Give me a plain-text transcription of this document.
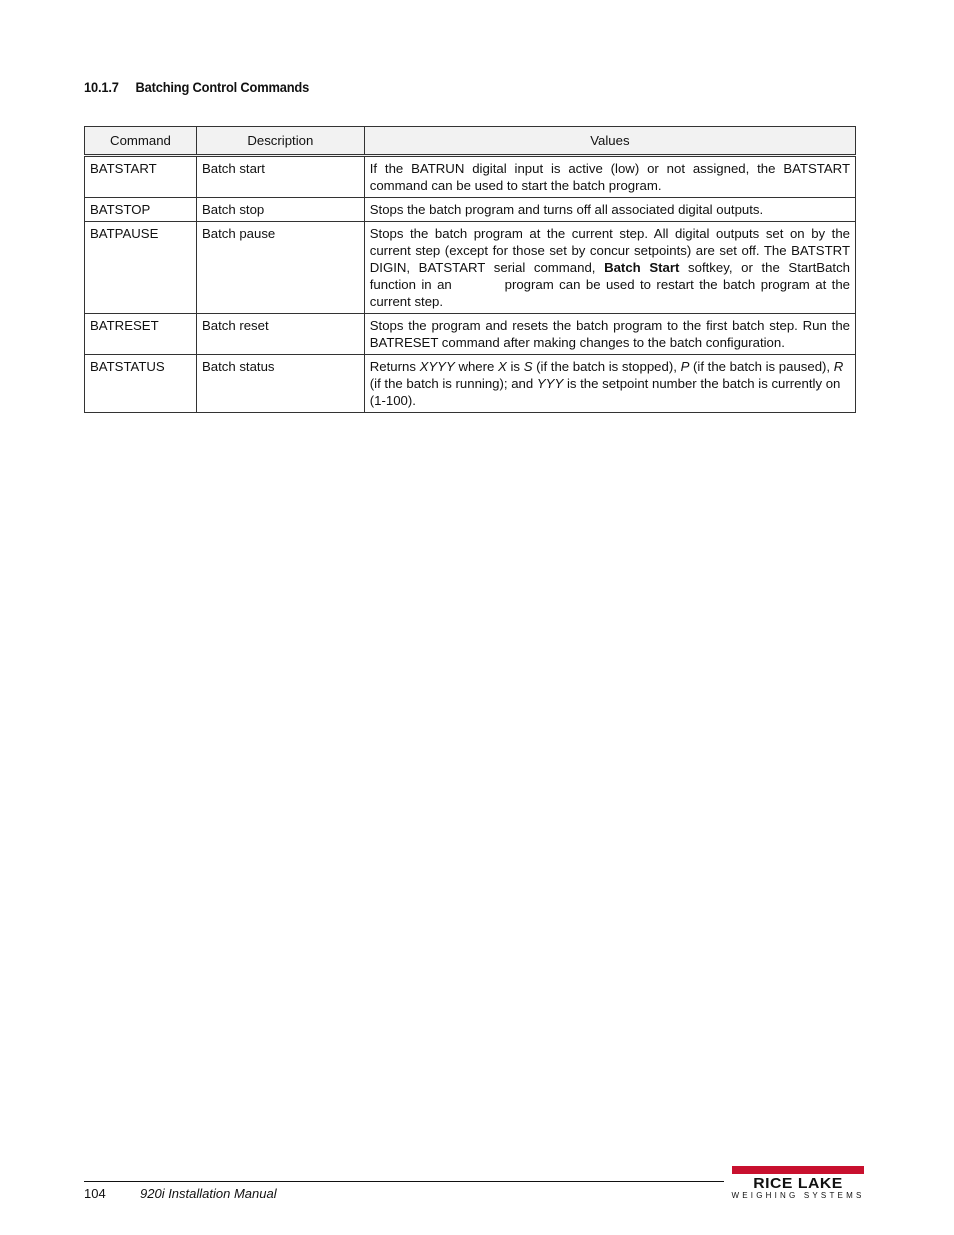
10.1.7 Batching Control Commands
Command	Description	Values
BATSTART	Batch start	If the BATRUN digital input is active (low) or not assigned, the BATSTART command can be used to start the batch program.
BATSTOP	Batch stop	Stops the batch program and turns off all associated digital outputs.
BATPAUSE	Batch pause	Stops the batch program at the current step. All digital outputs set on by the current step (except for those set by concur setpoints) are set off. The BATSTRT DIGIN, BATSTART serial command, Batch Start softkey, or the StartBatch function in an program can be used to restart the batch program at the current step.
BATRESET	Batch reset	Stops the program and resets the batch program to the first batch step. Run the BATRESET command after making changes to the batch configuration.
BATSTATUS	Batch status	Returns XYYY where X is S (if the batch is stopped), P (if the batch is paused), R (if the batch is running); and YYY is the setpoint number the batch is currently on (1-100).
104	920i Installation Manual
RICE LAKE
WEIGHING SYSTEMS
